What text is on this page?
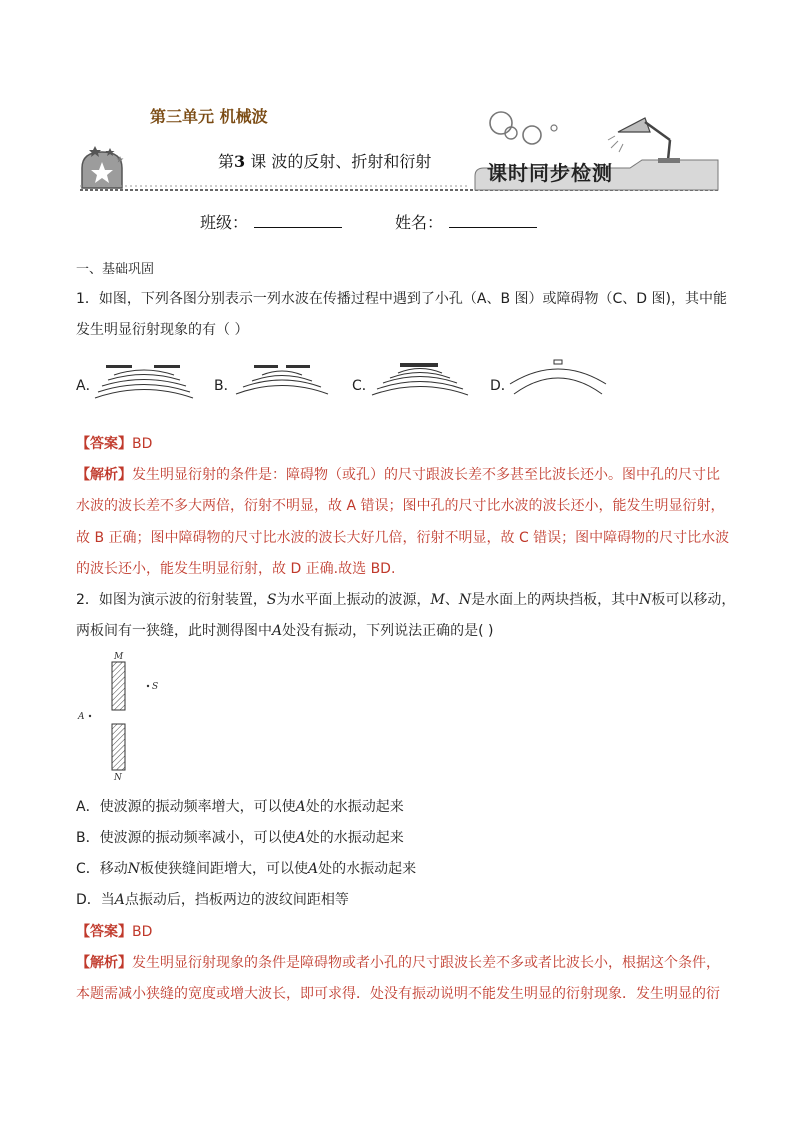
第三单元 机械波
第3 课 波的反射、折射和衍射	课时同步检测
班级：	姓名：
一、基础巩固
1．如图，下列各图分别表示一列水波在传播过程中遇到了小孔（A、B 图）或障碍物（C、D 图)，其中能
发生明显衍射现象的有（ ）
A．	B．	C．	D．
【答案】BD
【解析】发生明显衍射的条件是：障碍物（或孔）的尺寸跟波长差不多甚至比波长还小。图中孔的尺寸比
水波的波长差不多大两倍，衍射不明显，故 A 错误；图中孔的尺寸比水波的波长还小，能发生明显衍射，
故 B 正确；图中障碍物的尺寸比水波的波长大好几倍，衍射不明显，故 C 错误；图中障碍物的尺寸比水波
的波长还小，能发生明显衍射，故 D 正确.故选 BD.
2．如图为演示波的衍射装置，S为水平面上振动的波源，M、N是水面上的两块挡板，其中N板可以移动，
两板间有一狭缝，此时测得图中A处没有振动，下列说法正确的是( )
M
N
S
A
A．使波源的振动频率增大，可以使A处的水振动起来
B．使波源的振动频率减小，可以使A处的水振动起来
C．移动N板使狭缝间距增大，可以使A处的水振动起来
D．当A点振动后，挡板两边的波纹间距相等
【答案】BD
【解析】发生明显衍射现象的条件是障碍物或者小孔的尺寸跟波长差不多或者比波长小，根据这个条件，
本题需减小狭缝的宽度或增大波长，即可求得．处没有振动说明不能发生明显的衍射现象．发生明显的衍
